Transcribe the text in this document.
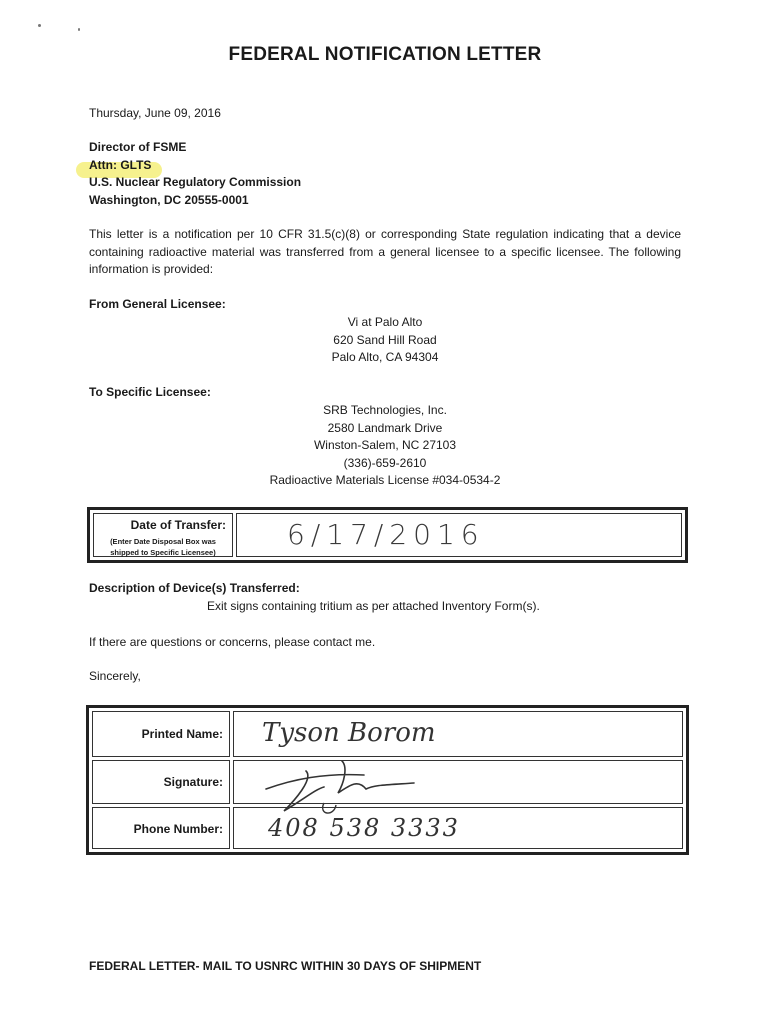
FEDERAL NOTIFICATION LETTER
Thursday, June 09, 2016
Director of FSME
Attn: GLTS
U.S. Nuclear Regulatory Commission
Washington, DC 20555-0001
This letter is a notification per 10 CFR 31.5(c)(8) or corresponding State regulation indicating that a device containing radioactive material was transferred from a general licensee to a specific licensee. The following information is provided:
From General Licensee:
Vi at Palo Alto
620 Sand Hill Road
Palo Alto, CA 94304
To Specific Licensee:
SRB Technologies, Inc.
2580 Landmark Drive
Winston-Salem, NC 27103
(336)-659-2610
Radioactive Materials License #034-0534-2
Date of Transfer:
(Enter Date Disposal Box was shipped to Specific Licensee)
6/17/2016
Description of Device(s) Transferred:
Exit signs containing tritium as per attached Inventory Form(s).
If there are questions or concerns, please contact me.
Sincerely,
Printed Name: Tyson Borom
Signature:
Phone Number: 408 538 3333
FEDERAL LETTER- MAIL TO USNRC WITHIN 30 DAYS OF SHIPMENT
